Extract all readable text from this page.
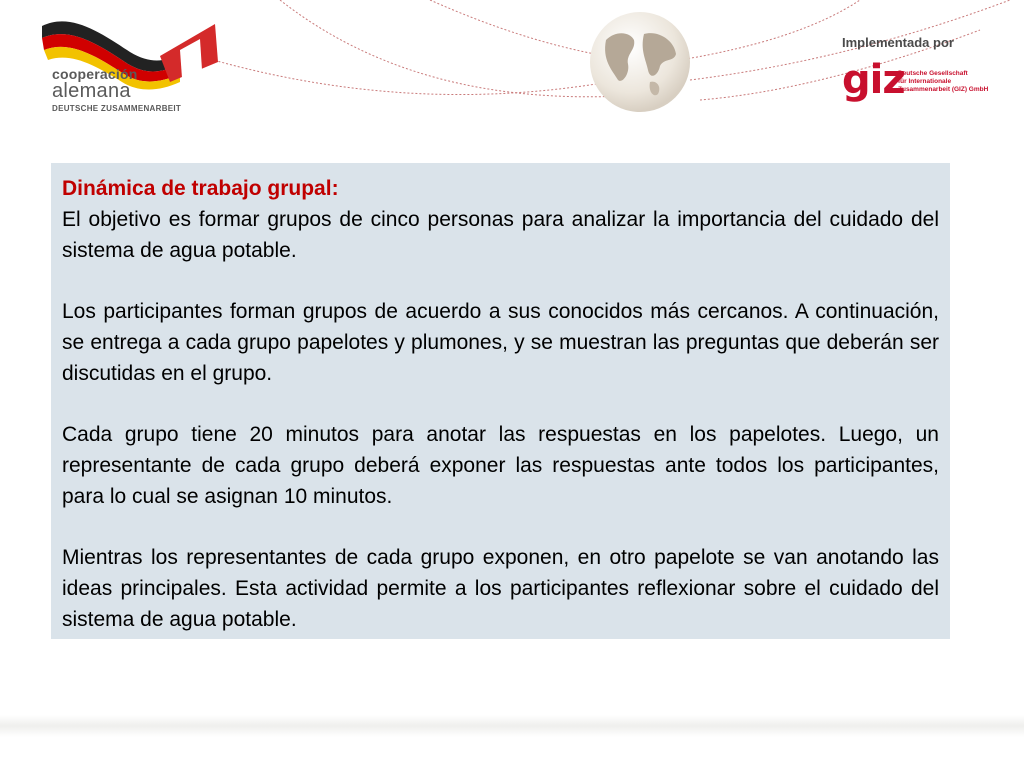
cooperación
alemana
DEUTSCHE ZUSAMMENARBEIT
Implementada por
giz
Deutsche Gesellschaft
für Internationale
Zusammenarbeit (GIZ) GmbH
Dinámica de trabajo grupal:

El objetivo es formar grupos de cinco personas para analizar la importancia del cuidado del sistema de agua potable.

Los participantes forman grupos de acuerdo a sus conocidos más cercanos. A continuación, se entrega a cada grupo papelotes y plumones, y se muestran las preguntas que deberán ser discutidas en el grupo.

Cada grupo tiene 20 minutos para anotar las respuestas en los papelotes. Luego, un representante de cada grupo deberá exponer las respuestas ante todos los participantes, para lo cual se asignan 10 minutos.

Mientras los representantes de cada grupo exponen, en otro papelote se van anotando las ideas principales. Esta actividad permite a los participantes reflexionar sobre el cuidado del sistema de agua potable.
